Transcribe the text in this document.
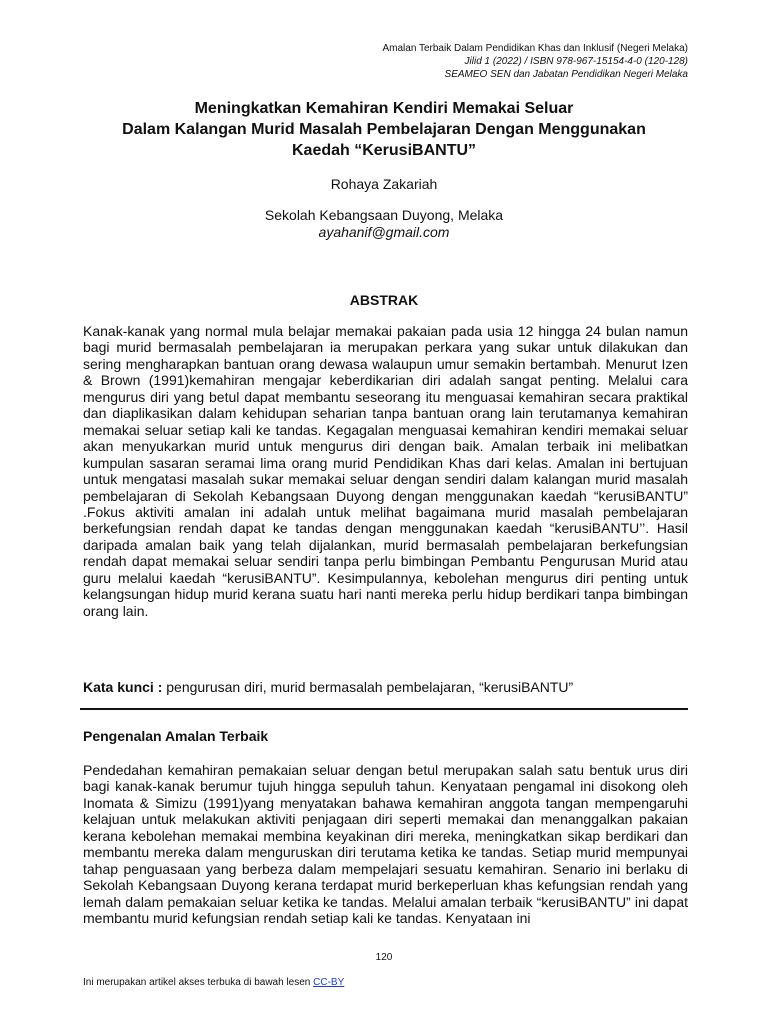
Amalan Terbaik Dalam Pendidikan Khas dan Inklusif (Negeri Melaka)
Jilid 1 (2022) / ISBN 978-967-15154-4-0 (120-128)
SEAMEO SEN dan Jabatan Pendidikan Negeri Melaka
Meningkatkan Kemahiran Kendiri Memakai Seluar
Dalam Kalangan Murid Masalah Pembelajaran Dengan Menggunakan
Kaedah “KerusiBANTU”
Rohaya Zakariah
Sekolah Kebangsaan Duyong, Melaka
ayahanif@gmail.com
ABSTRAK

Kanak-kanak yang normal mula belajar memakai pakaian pada usia 12 hingga 24 bulan namun bagi murid bermasalah pembelajaran ia merupakan perkara yang sukar untuk dilakukan dan sering mengharapkan bantuan orang dewasa walaupun umur semakin bertambah. Menurut Izen & Brown (1991)kemahiran mengajar keberdikarian diri adalah sangat penting. Melalui cara mengurus diri yang betul dapat membantu seseorang itu menguasai kemahiran secara praktikal dan diaplikasikan dalam kehidupan seharian tanpa bantuan orang lain terutamanya kemahiran memakai seluar setiap kali ke tandas. Kegagalan menguasai kemahiran kendiri memakai seluar akan menyukarkan murid untuk mengurus diri dengan baik. Amalan terbaik ini melibatkan kumpulan sasaran seramai lima orang murid Pendidikan Khas dari kelas. Amalan ini bertujuan untuk mengatasi masalah sukar memakai seluar dengan sendiri dalam kalangan murid masalah pembelajaran di Sekolah Kebangsaan Duyong dengan menggunakan kaedah “kerusiBANTU” .Fokus aktiviti amalan ini adalah untuk melihat bagaimana murid masalah pembelajaran berkefungsian rendah dapat ke tandas dengan menggunakan kaedah “kerusiBANTU’’. Hasil daripada amalan baik yang telah dijalankan, murid bermasalah pembelajaran berkefungsian rendah dapat memakai seluar sendiri tanpa perlu bimbingan Pembantu Pengurusan Murid atau guru melalui kaedah “kerusiBANTU”. Kesimpulannya, kebolehan mengurus diri penting untuk kelangsungan hidup murid kerana suatu hari nanti mereka perlu hidup berdikari tanpa bimbingan orang lain.

Kata kunci : pengurusan diri, murid bermasalah pembelajaran, “kerusiBANTU”

Pengenalan Amalan Terbaik

Pendedahan kemahiran pemakaian seluar dengan betul merupakan salah satu bentuk urus diri bagi kanak-kanak berumur tujuh hingga sepuluh tahun. Kenyataan pengamal ini disokong oleh Inomata & Simizu (1991)yang menyatakan bahawa kemahiran anggota tangan mempengaruhi kelajuan untuk melakukan aktiviti penjagaan diri seperti memakai dan menanggalkan pakaian kerana kebolehan memakai membina keyakinan diri mereka, meningkatkan sikap berdikari dan membantu mereka dalam menguruskan diri terutama ketika ke tandas. Setiap murid mempunyai tahap penguasaan yang berbeza dalam mempelajari sesuatu kemahiran. Senario ini berlaku di Sekolah Kebangsaan Duyong kerana terdapat murid berkeperluan khas kefungsian rendah yang lemah dalam pemakaian seluar ketika ke tandas. Melalui amalan terbaik “kerusiBANTU” ini dapat membantu murid kefungsian rendah setiap kali ke tandas. Kenyataan ini

120
Ini merupakan artikel akses terbuka di bawah lesen CC-BY
